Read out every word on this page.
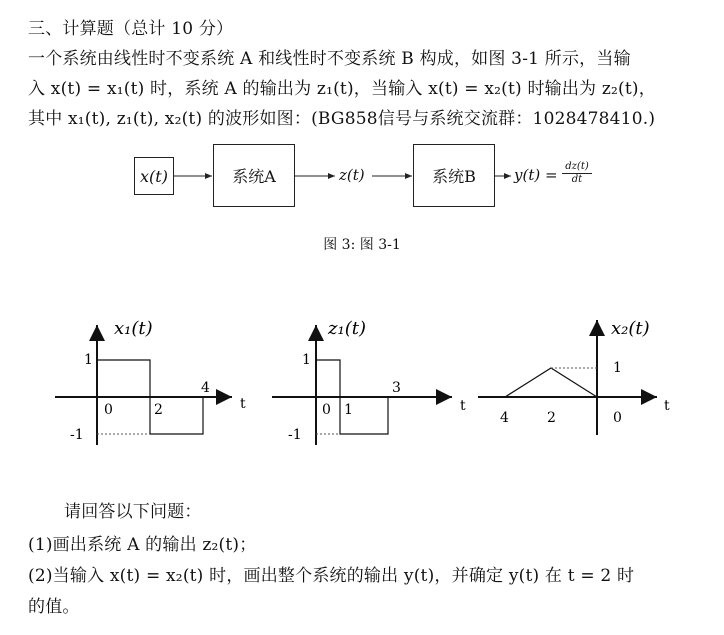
三、计算题（总计 10 分）
一个系统由线性时不变系统 A 和线性时不变系统 B 构成，如图 3-1 所示，当输
入 x(t) = x₁(t) 时，系统 A 的输出为 z₁(t)，当输入 x(t) = x₂(t) 时输出为 z₂(t)，
其中 x₁(t), z₁(t), x₂(t) 的波形如图：(BG858信号与系统交流群：1028478410.)
x(t)	系统A	系统B
z(t)	$y(t) = \frac{dz(t)}{dt}$
图 3: 图 3-1
x₁(t)
1
-1
0	2
4
t
z₁(t)
1
-1
0 1
3
t
x₂(t)
1
4	2	0
t
请回答以下问题：
(1)画出系统 A 的输出 z₂(t)；
(2)当输入 x(t) = x₂(t) 时，画出整个系统的输出 y(t)，并确定 y(t) 在 t = 2 时
的值。
